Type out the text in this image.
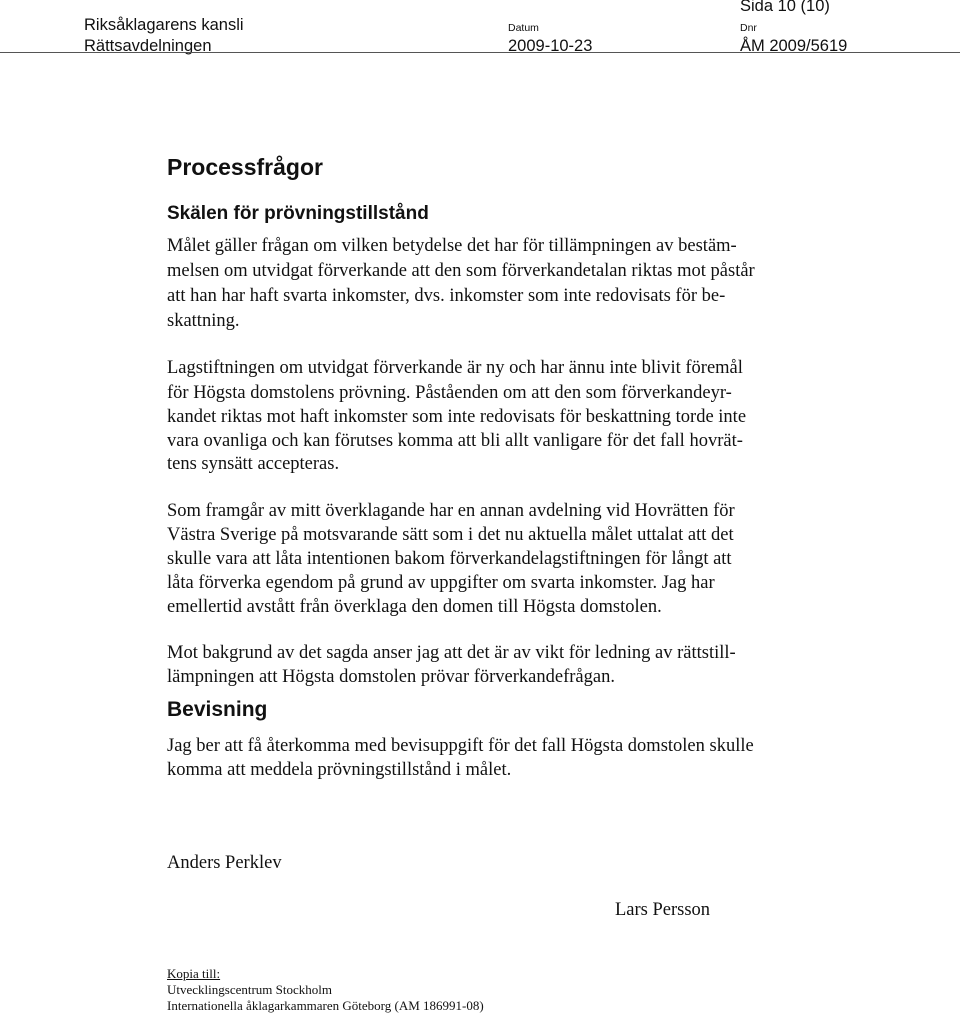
Riksåklagarens kansli
Rättsavdelningen
Datum
2009-10-23
Dnr
ÅM 2009/5619
Sida 10 (10)
Processfrågor
Skälen för prövningstillstånd
Målet gäller frågan om vilken betydelse det har för tillämpningen av bestäm-
melsen om utvidgat förverkande att den som förverkandetalan riktas mot påstår
att han har haft svarta inkomster, dvs. inkomster som inte redovisats för be-
skattning.
Lagstiftningen om utvidgat förverkande är ny och har ännu inte blivit föremål
för Högsta domstolens prövning. Påståenden om att den som förverkandeyr-
kandet riktas mot haft inkomster som inte redovisats för beskattning torde inte
vara ovanliga och kan förutses komma att bli allt vanligare för det fall hovrät-
tens synsätt accepteras.
Som framgår av mitt överklagande har en annan avdelning vid Hovrätten för
Västra Sverige på motsvarande sätt som i det nu aktuella målet uttalat att det
skulle vara att låta intentionen bakom förverkandelagstiftningen för långt att
låta förverka egendom på grund av uppgifter om svarta inkomster. Jag har
emellertid avstått från överklaga den domen till Högsta domstolen.
Mot bakgrund av det sagda anser jag att det är av vikt för ledning av rättstill-
lämpningen att Högsta domstolen prövar förverkandefrågan.
Bevisning
Jag ber att få återkomma med bevisuppgift för det fall Högsta domstolen skulle
komma att meddela prövningstillstånd i målet.
Anders Perklev
Lars Persson
Kopia till:
Utvecklingscentrum Stockholm
Internationella åklagarkammaren Göteborg (AM 186991-08)
